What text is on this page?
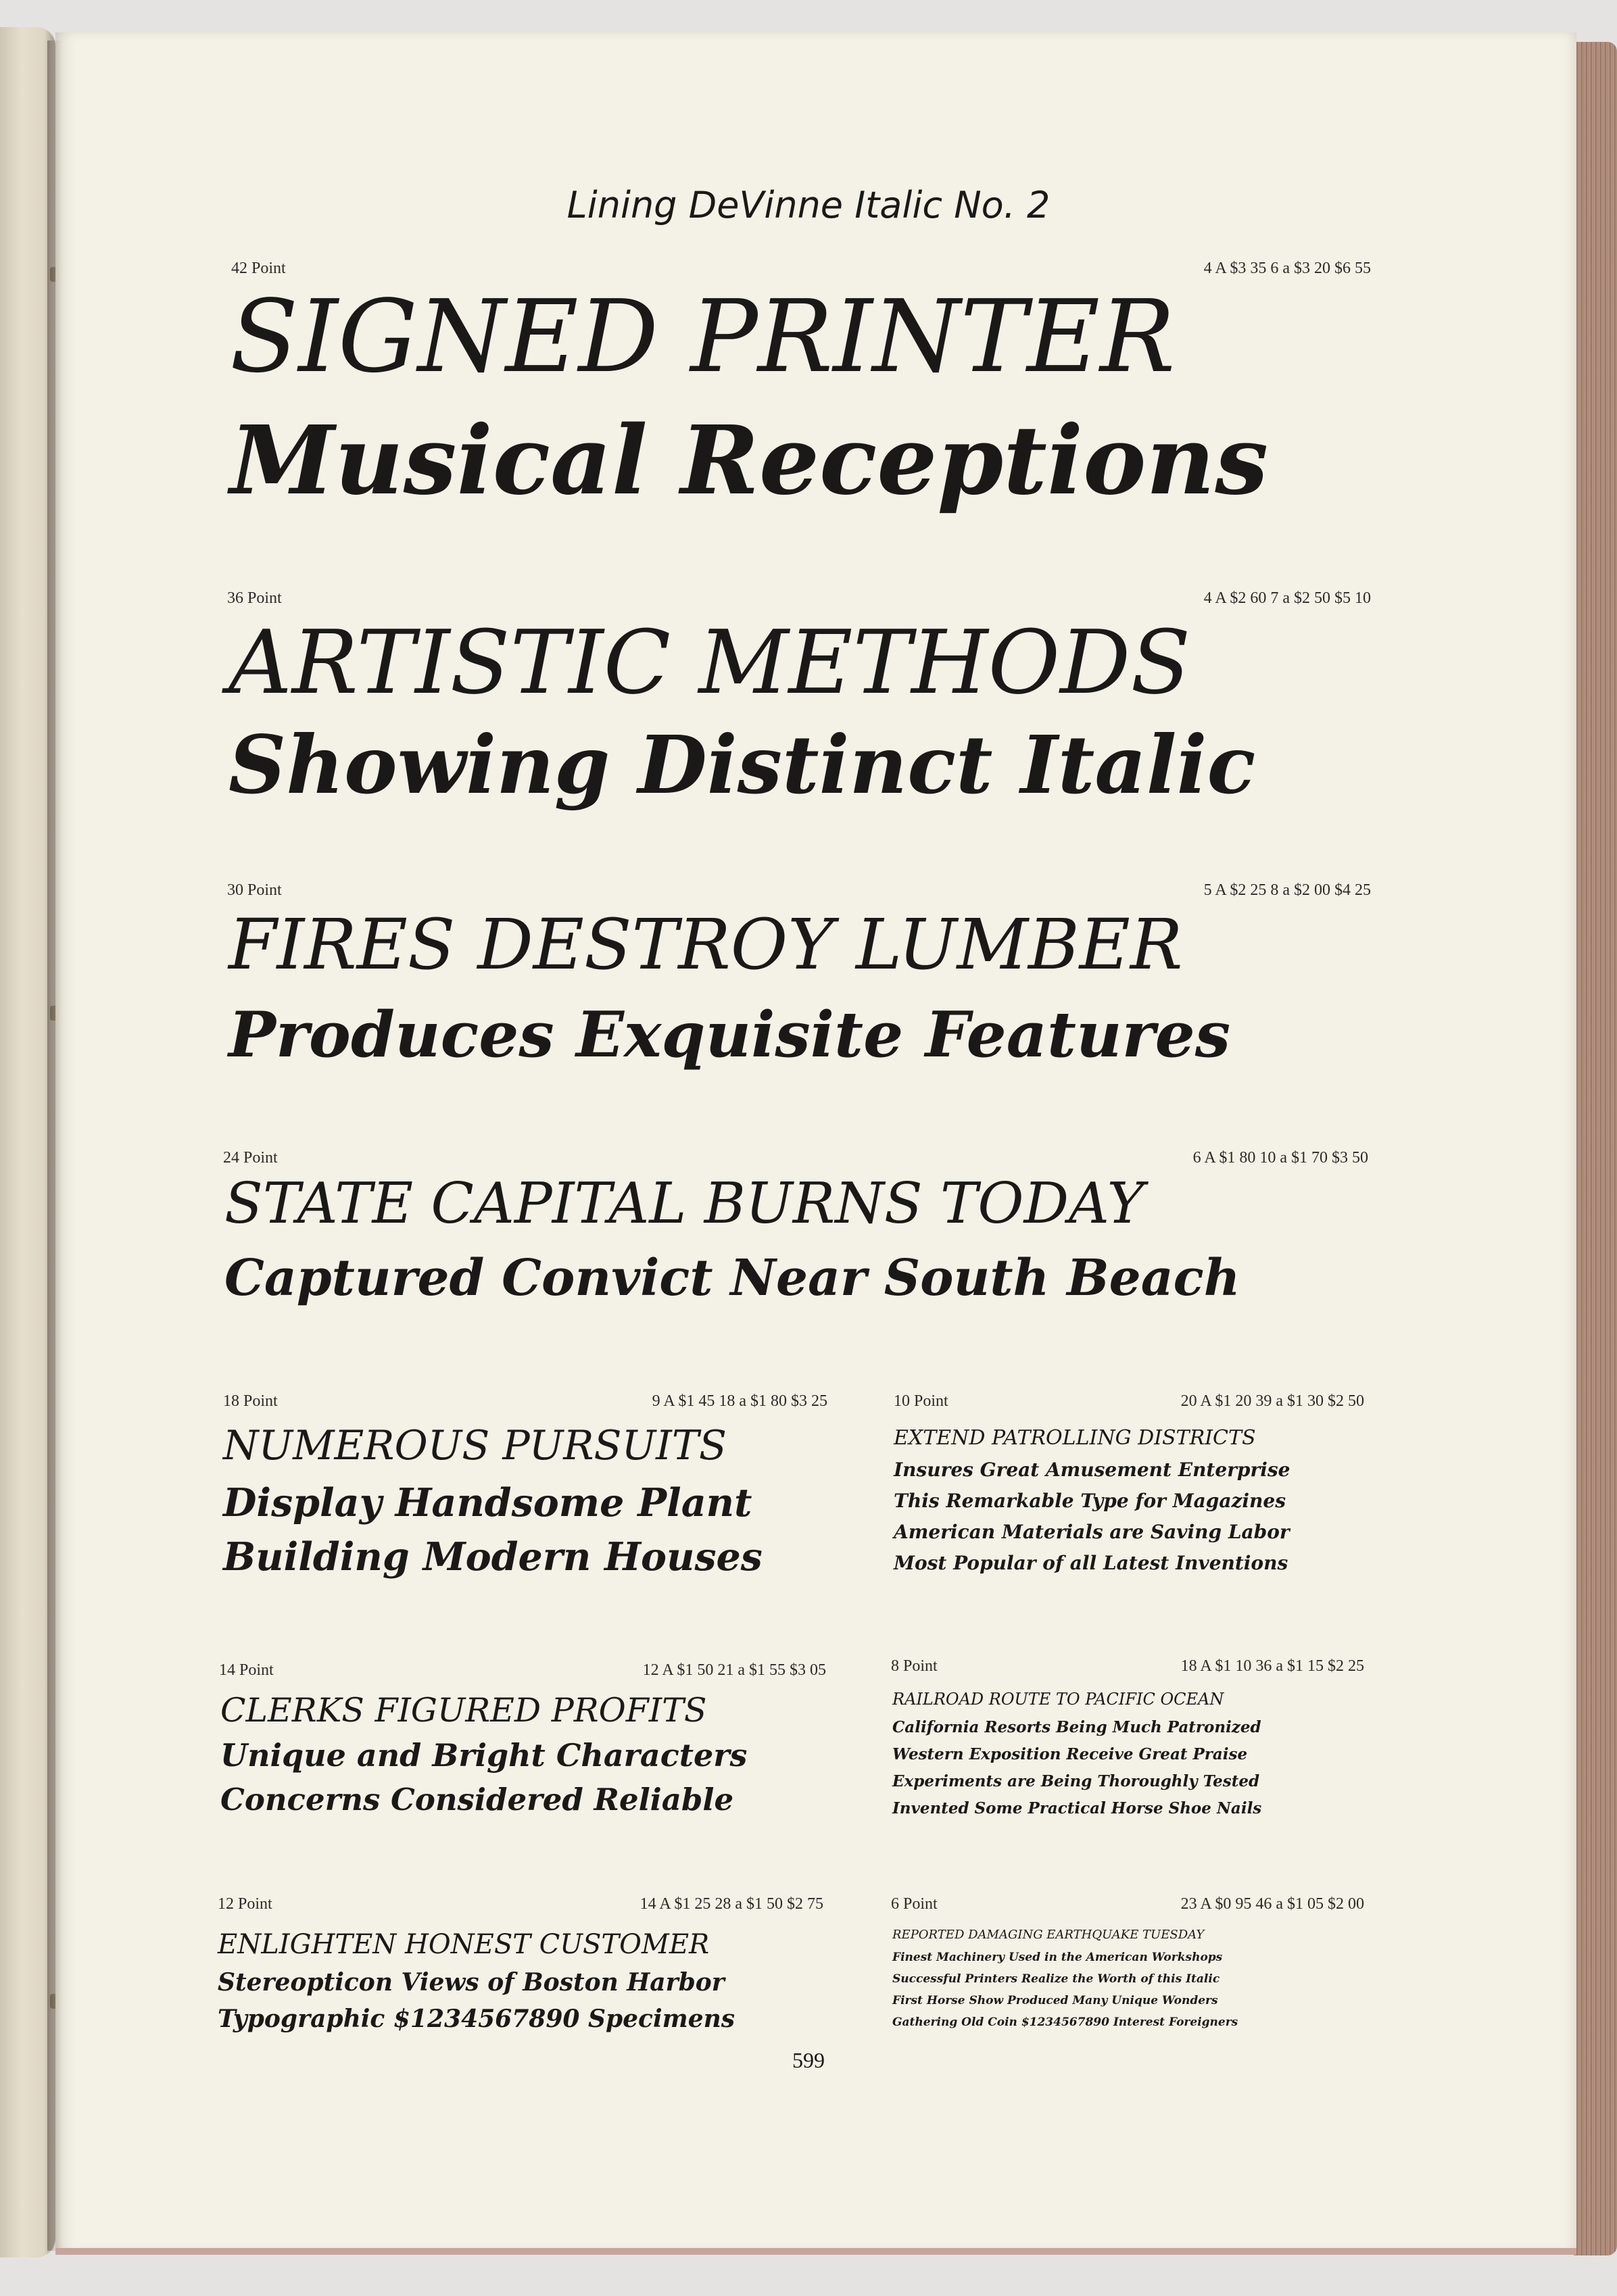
Lining DeVinne Italic No. 2
42 Point	4 A $3 35 6 a $3 20 $6 55
SIGNED PRINTER
Musical Receptions
36 Point	4 A $2 60 7 a $2 50 $5 10
ARTISTIC METHODS
Showing Distinct Italic
30 Point	5 A $2 25 8 a $2 00 $4 25
FIRES DESTROY LUMBER
Produces Exquisite Features
24 Point	6 A $1 80 10 a $1 70 $3 50
STATE CAPITAL BURNS TODAY
Captured Convict Near South Beach
18 Point	9 A $1 45 18 a $1 80 $3 25
NUMEROUS PURSUITS
Display Handsome Plant
Building Modern Houses
14 Point	12 A $1 50 21 a $1 55 $3 05
CLERKS FIGURED PROFITS
Unique and Bright Characters
Concerns Considered Reliable
12 Point	14 A $1 25 28 a $1 50 $2 75
ENLIGHTEN HONEST CUSTOMER
Stereopticon Views of Boston Harbor
Typographic $1234567890 Specimens
10 Point	20 A $1 20 39 a $1 30 $2 50
EXTEND PATROLLING DISTRICTS
Insures Great Amusement Enterprise
This Remarkable Type for Magazines
American Materials are Saving Labor
Most Popular of all Latest Inventions
8 Point	18 A $1 10 36 a $1 15 $2 25
RAILROAD ROUTE TO PACIFIC OCEAN
California Resorts Being Much Patronized
Western Exposition Receive Great Praise
Experiments are Being Thoroughly Tested
Invented Some Practical Horse Shoe Nails
6 Point	23 A $0 95 46 a $1 05 $2 00
REPORTED DAMAGING EARTHQUAKE TUESDAY
Finest Machinery Used in the American Workshops
Successful Printers Realize the Worth of this Italic
First Horse Show Produced Many Unique Wonders
Gathering Old Coin $1234567890 Interest Foreigners
599
